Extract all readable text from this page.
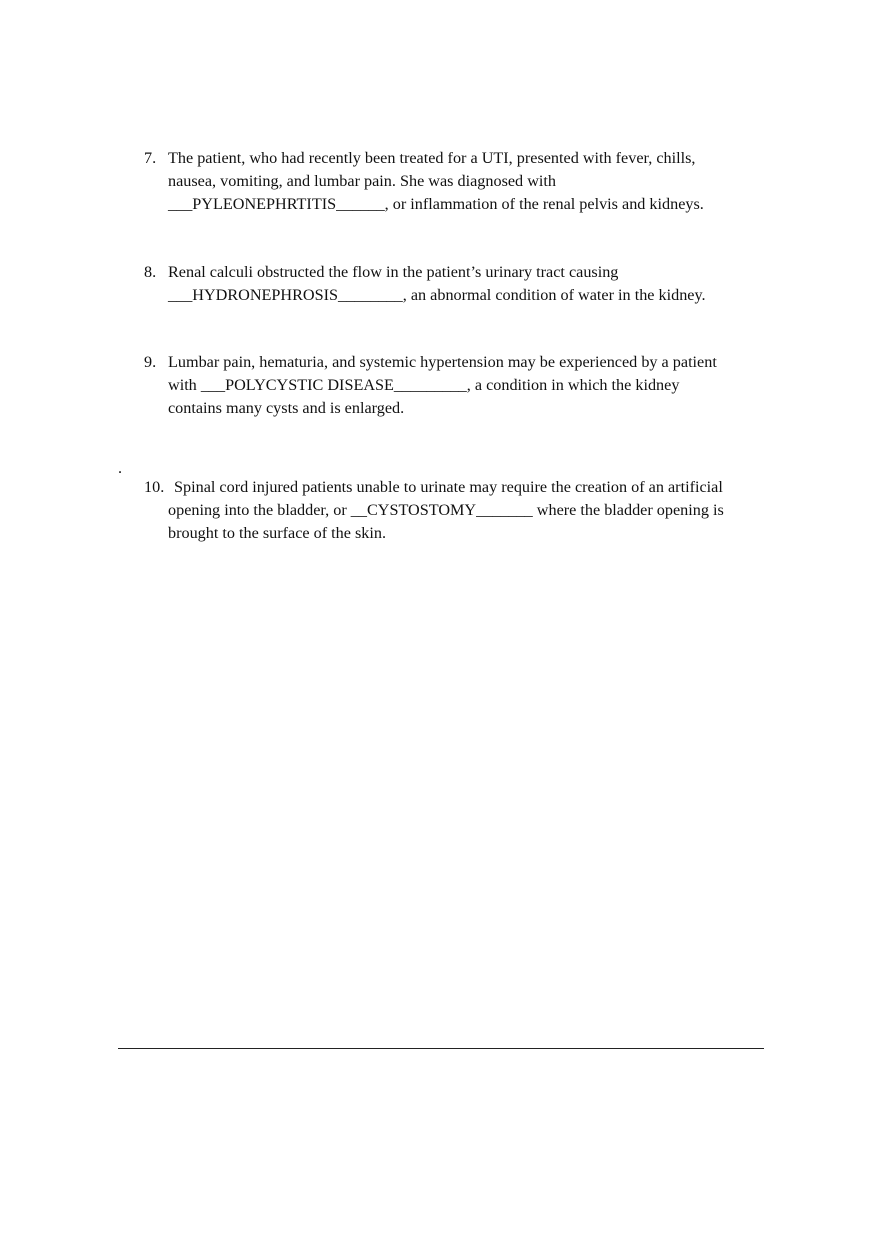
7. The patient, who had recently been treated for a UTI, presented with fever, chills,
nausea, vomiting, and lumbar pain. She was diagnosed with
___PYLEONEPHRTITIS______, or inflammation of the renal pelvis and kidneys.
8. Renal calculi obstructed the flow in the patient’s urinary tract causing
___HYDRONEPHROSIS________, an abnormal condition of water in the kidney.
9. Lumbar pain, hematuria, and systemic hypertension may be experienced by a patient
with ___POLYCYSTIC DISEASE_________, a condition in which the kidney
contains many cysts and is enlarged.
.
10. Spinal cord injured patients unable to urinate may require the creation of an artificial
opening into the bladder, or __CYSTOSTOMY_______ where the bladder opening is
brought to the surface of the skin.
